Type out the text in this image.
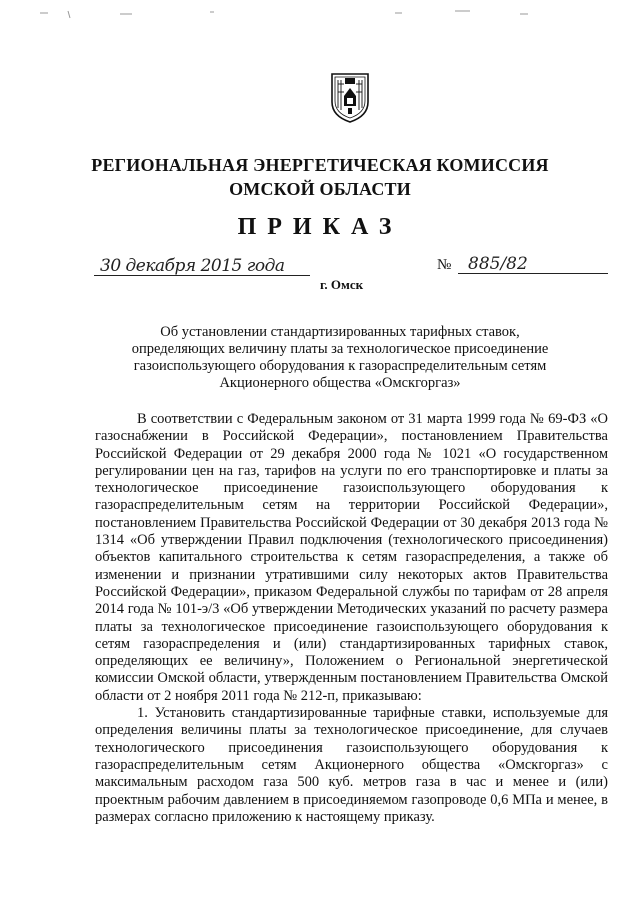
РЕГИОНАЛЬНАЯ ЭНЕРГЕТИЧЕСКАЯ КОМИССИЯ
ОМСКОЙ ОБЛАСТИ
ПРИКАЗ
30 декабря 2015 года	№ 885/82
г. Омск
Об установлении стандартизированных тарифных ставок, определяющих величину платы за технологическое присоединение газоиспользующего оборудования к газораспределительным сетям Акционерного общества «Омскгоргаз»

В соответствии с Федеральным законом от 31 марта 1999 года № 69-ФЗ «О газоснабжении в Российской Федерации», постановлением Правительства Российской Федерации от 29 декабря 2000 года № 1021 «О государственном регулировании цен на газ, тарифов на услуги по его транспортировке и платы за технологическое присоединение газоиспользующего оборудования к газораспределительным сетям на территории Российской Федерации», постановлением Правительства Российской Федерации от 30 декабря 2013 года № 1314 «Об утверждении Правил подключения (технологического присоединения) объектов капитального строительства к сетям газораспределения, а также об изменении и признании утратившими силу некоторых актов Правительства Российской Федерации», приказом Федеральной службы по тарифам от 28 апреля 2014 года № 101-э/3 «Об утверждении Методических указаний по расчету размера платы за технологическое присоединение газоиспользующего оборудования к сетям газораспределения и (или) стандартизированных тарифных ставок, определяющих ее величину», Положением о Региональной энергетической комиссии Омской области, утвержденным постановлением Правительства Омской области от 2 ноября 2011 года № 212-п, приказываю:

1. Установить стандартизированные тарифные ставки, используемые для определения величины платы за технологическое присоединение, для случаев технологического присоединения газоиспользующего оборудования к газораспределительным сетям Акционерного общества «Омскгоргаз» с максимальным расходом газа 500 куб. метров газа в час и менее и (или) проектным рабочим давлением в присоединяемом газопроводе 0,6 МПа и менее, в размерах согласно приложению к настоящему приказу.
